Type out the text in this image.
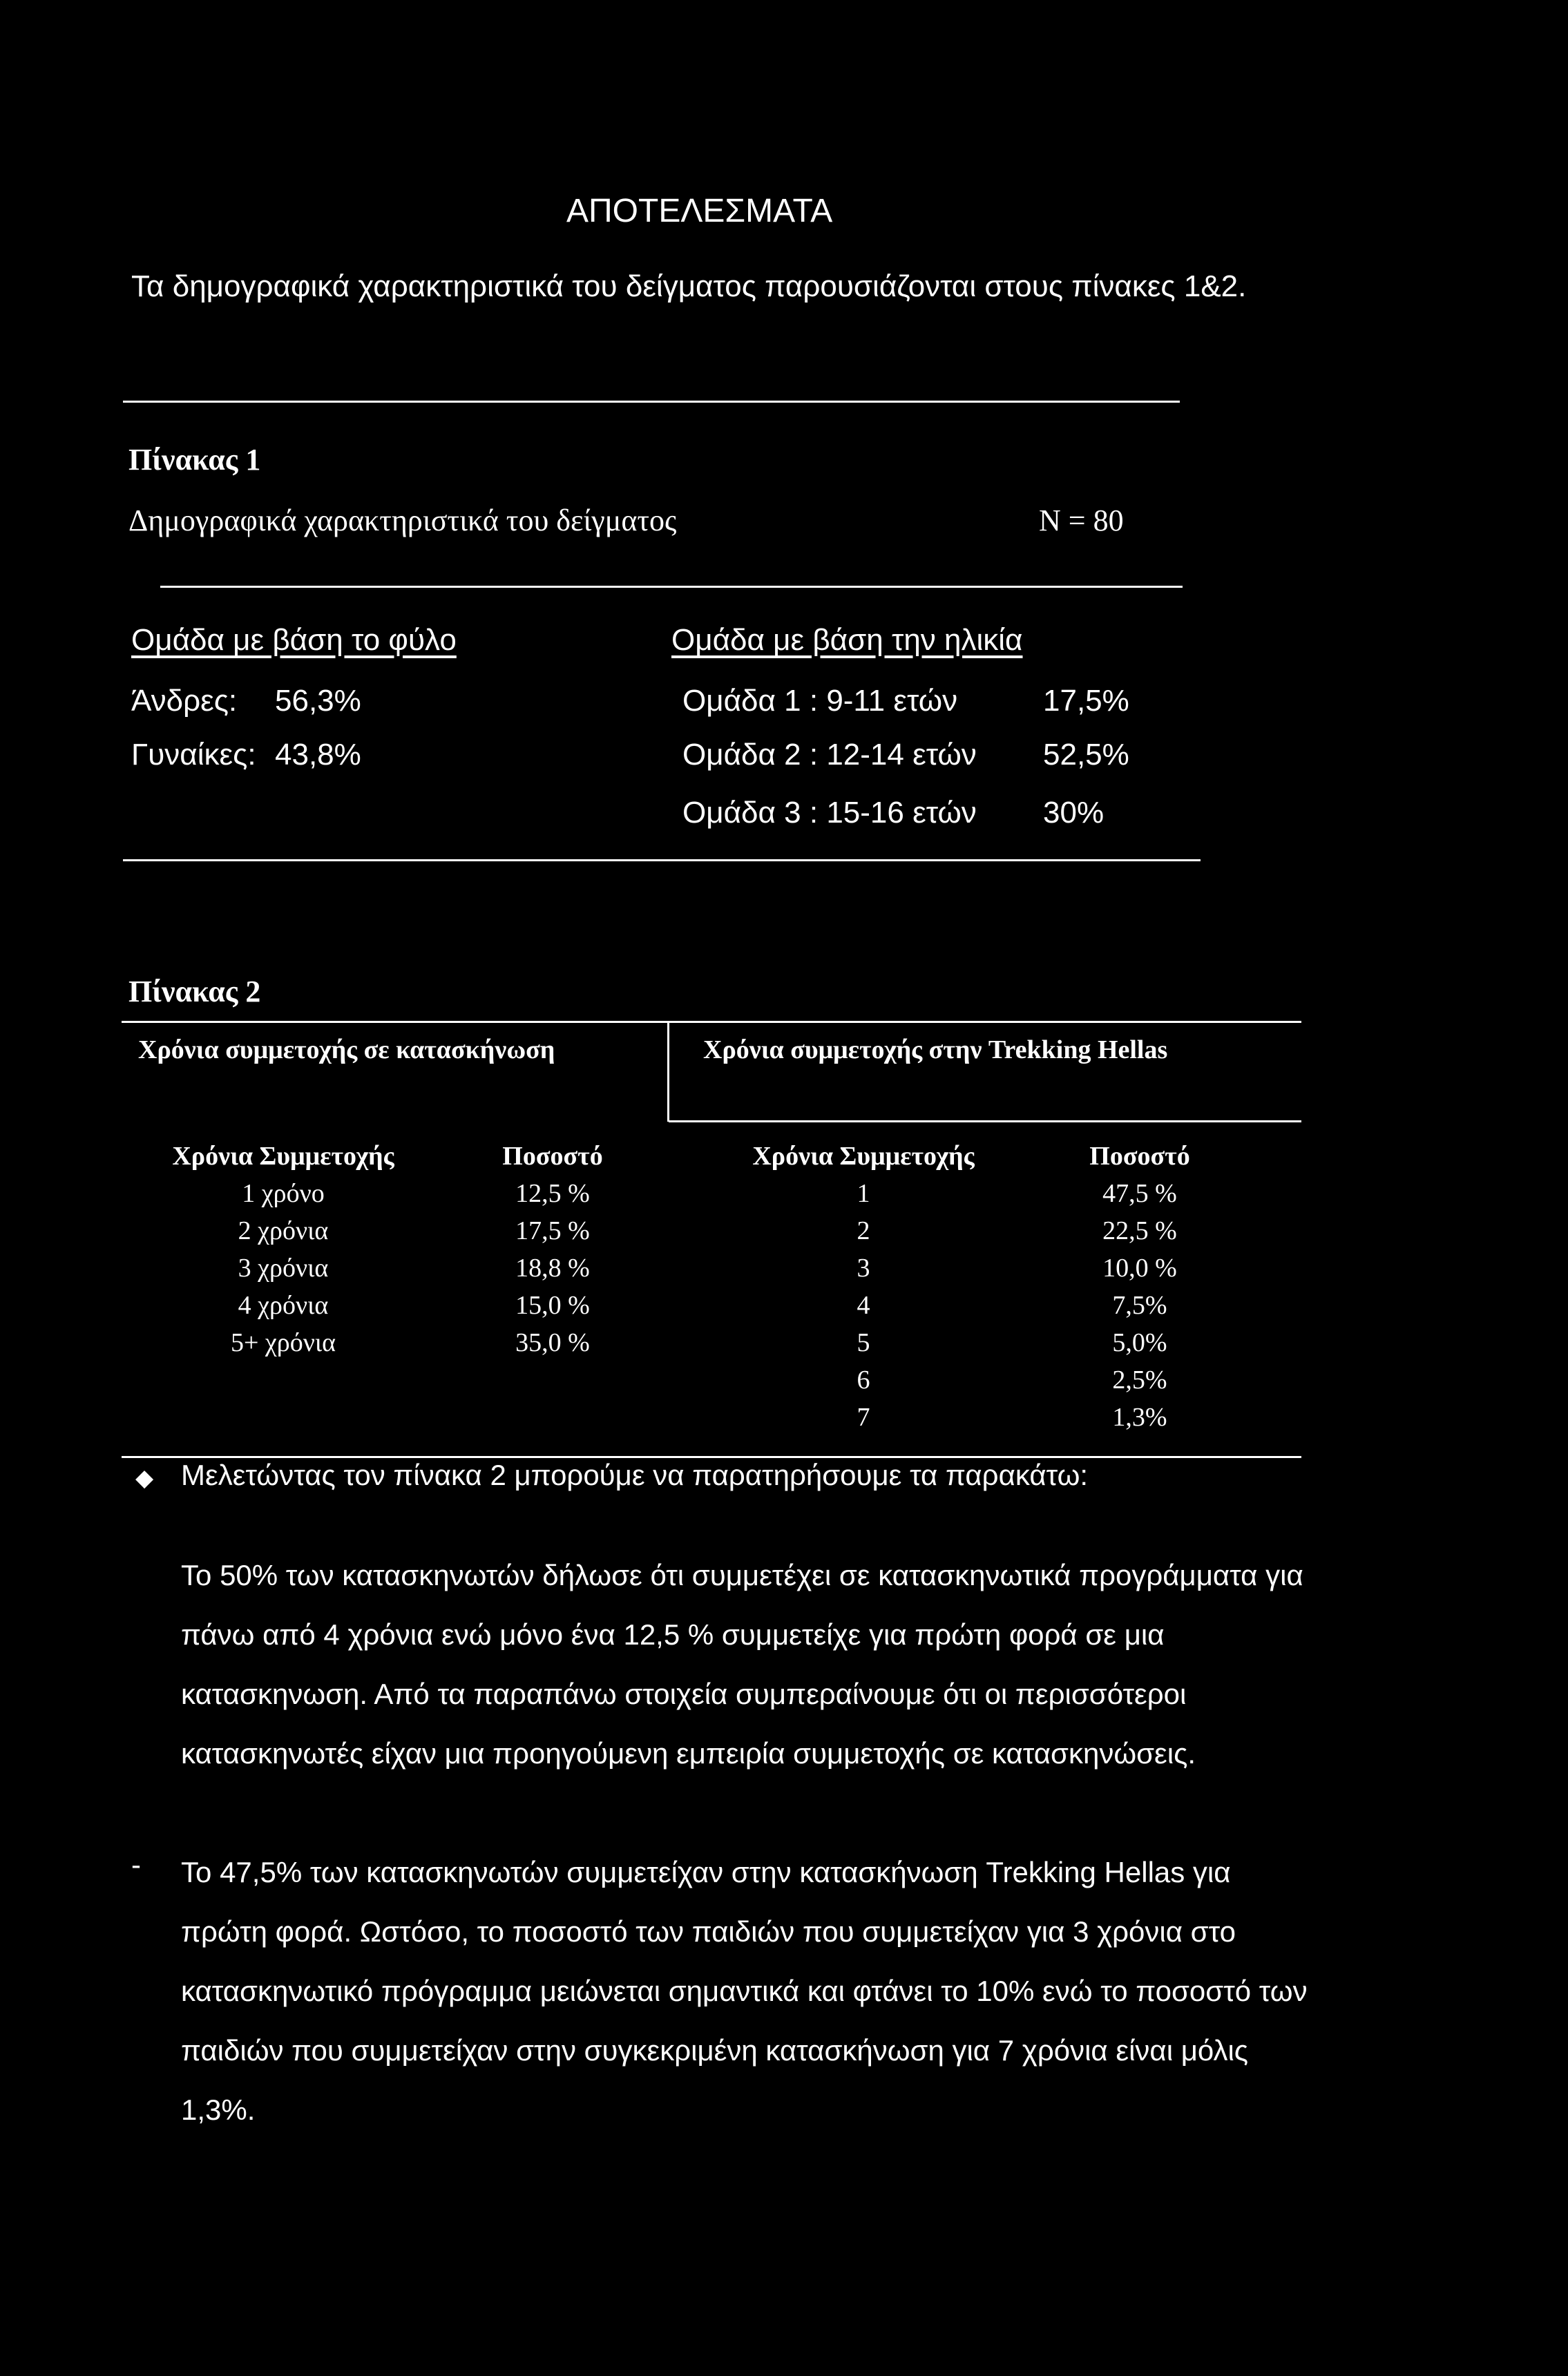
ΑΠΟΤΕΛΕΣΜΑΤΑ
Τα δημογραφικά χαρακτηριστικά του δείγματος παρουσιάζονται στους πίνακες 1&2.
Πίνακας 1
Δημογραφικά χαρακτηριστικά του δείγματος	N = 80
Ομάδα με βάση το φύλο	Ομάδα με βάση την ηλικία
Άνδρες: 56,3%
Γυναίκες: 43,8%
Ομάδα 1 : 9-11 ετών	17,5%
Ομάδα 2 : 12-14 ετών 52,5%
Ομάδα 3 : 15-16 ετών 30%
Πίνακας 2
Χρόνια συμμετοχής σε κατασκήνωση	Χρόνια συμμετοχής στην Trekking Hellas
Χρόνια Συμμετοχής	Ποσοστό	Χρόνια Συμμετοχής	Ποσοστό
1 χρόνο	12,5 %
2 χρόνια	17,5 %
3 χρόνια	18,8 %
4 χρόνια	15,0 %
5+ χρόνια	35,0 %
1	47,5 %
2	22,5 %
3	10,0 %
4	7,5%
5	5,0%
6	2,5%
7	1,3%
◆ Μελετώντας τον πίνακα 2 μπορούμε να παρατηρήσουμε τα παρακάτω:
Το 50% των κατασκηνωτών δήλωσε ότι συμμετέχει σε κατασκηνωτικά προγράμματα για πάνω από 4 χρόνια ενώ μόνο ένα 12,5 % συμμετείχε για πρώτη φορά σε μια κατασκηνωση. Από τα παραπάνω στοιχεία συμπεραίνουμε ότι οι περισσότεροι κατασκηνωτές είχαν μια προηγούμενη εμπειρία συμμετοχής σε κατασκηνώσεις.
- Το 47,5% των κατασκηνωτών συμμετείχαν στην κατασκήνωση Trekking Hellas για πρώτη φορά. Ωστόσο, το ποσοστό των παιδιών που συμμετείχαν για 3 χρόνια στο κατασκηνωτικό πρόγραμμα μειώνεται σημαντικά και φτάνει το 10% ενώ το ποσοστό των παιδιών που συμμετείχαν στην συγκεκριμένη κατασκήνωση για 7 χρόνια είναι μόλις 1,3%.
